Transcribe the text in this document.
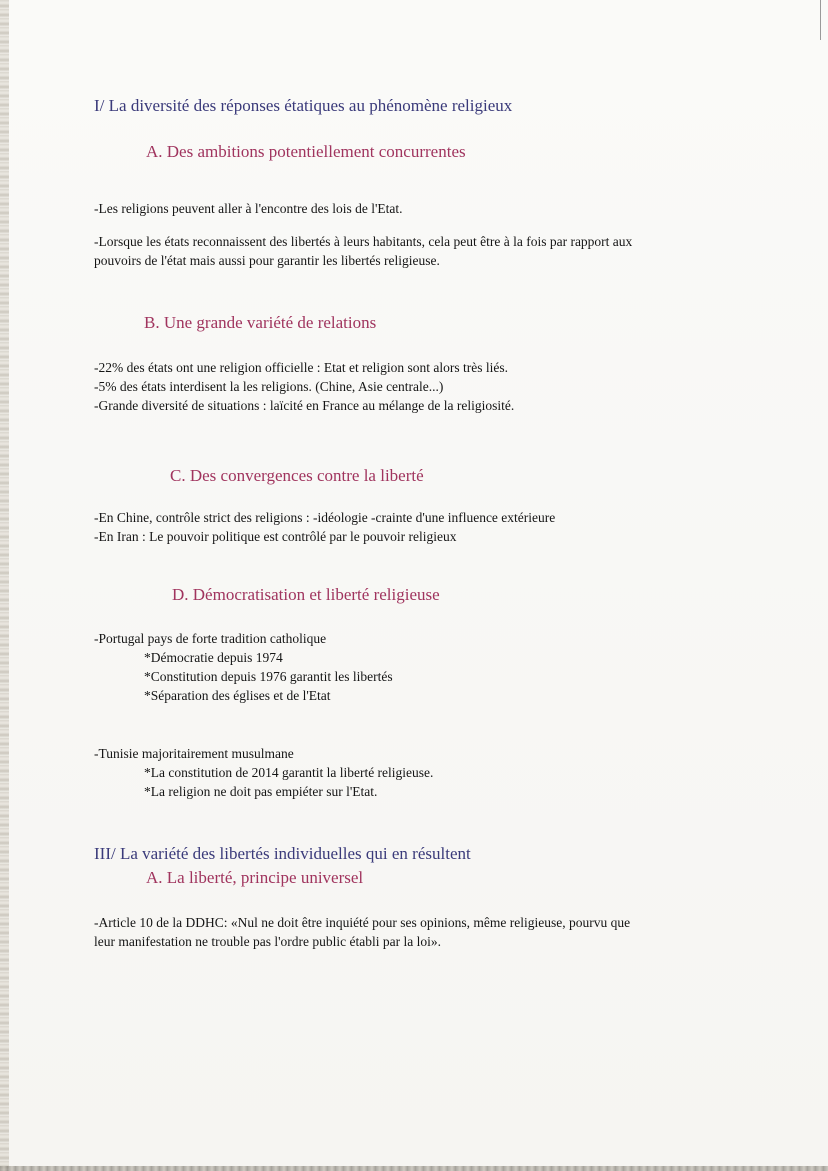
I/ La diversité des réponses étatiques au phénomène religieux
A. Des ambitions potentiellement concurrentes
-Les religions peuvent aller à l'encontre des lois de l'Etat.
-Lorsque les états reconnaissent des libertés à leurs habitants, cela peut être à la fois par rapport aux
pouvoirs de l'état mais aussi pour garantir les libertés religieuse.
B. Une grande variété de relations
-22% des états ont une religion officielle : Etat et religion sont alors très liés.
-5% des états interdisent la les religions. (Chine, Asie centrale...)
-Grande diversité de situations : laïcité en France au mélange de la religiosité.
C. Des convergences contre la liberté
-En Chine, contrôle strict des religions : -idéologie -crainte d'une influence extérieure
-En Iran : Le pouvoir politique est contrôlé par le pouvoir religieux
D. Démocratisation et liberté religieuse
-Portugal pays de forte tradition catholique
*Démocratie depuis 1974
*Constitution depuis 1976 garantit les libertés
*Séparation des églises et de l'Etat
-Tunisie majoritairement musulmane
*La constitution de 2014 garantit la liberté religieuse.
*La religion ne doit pas empiéter sur l'Etat.
III/ La variété des libertés individuelles qui en résultent
A. La liberté, principe universel
-Article 10 de la DDHC: «Nul ne doit être inquiété pour ses opinions, même religieuse, pourvu que
leur manifestation ne trouble pas l'ordre public établi par la loi».
